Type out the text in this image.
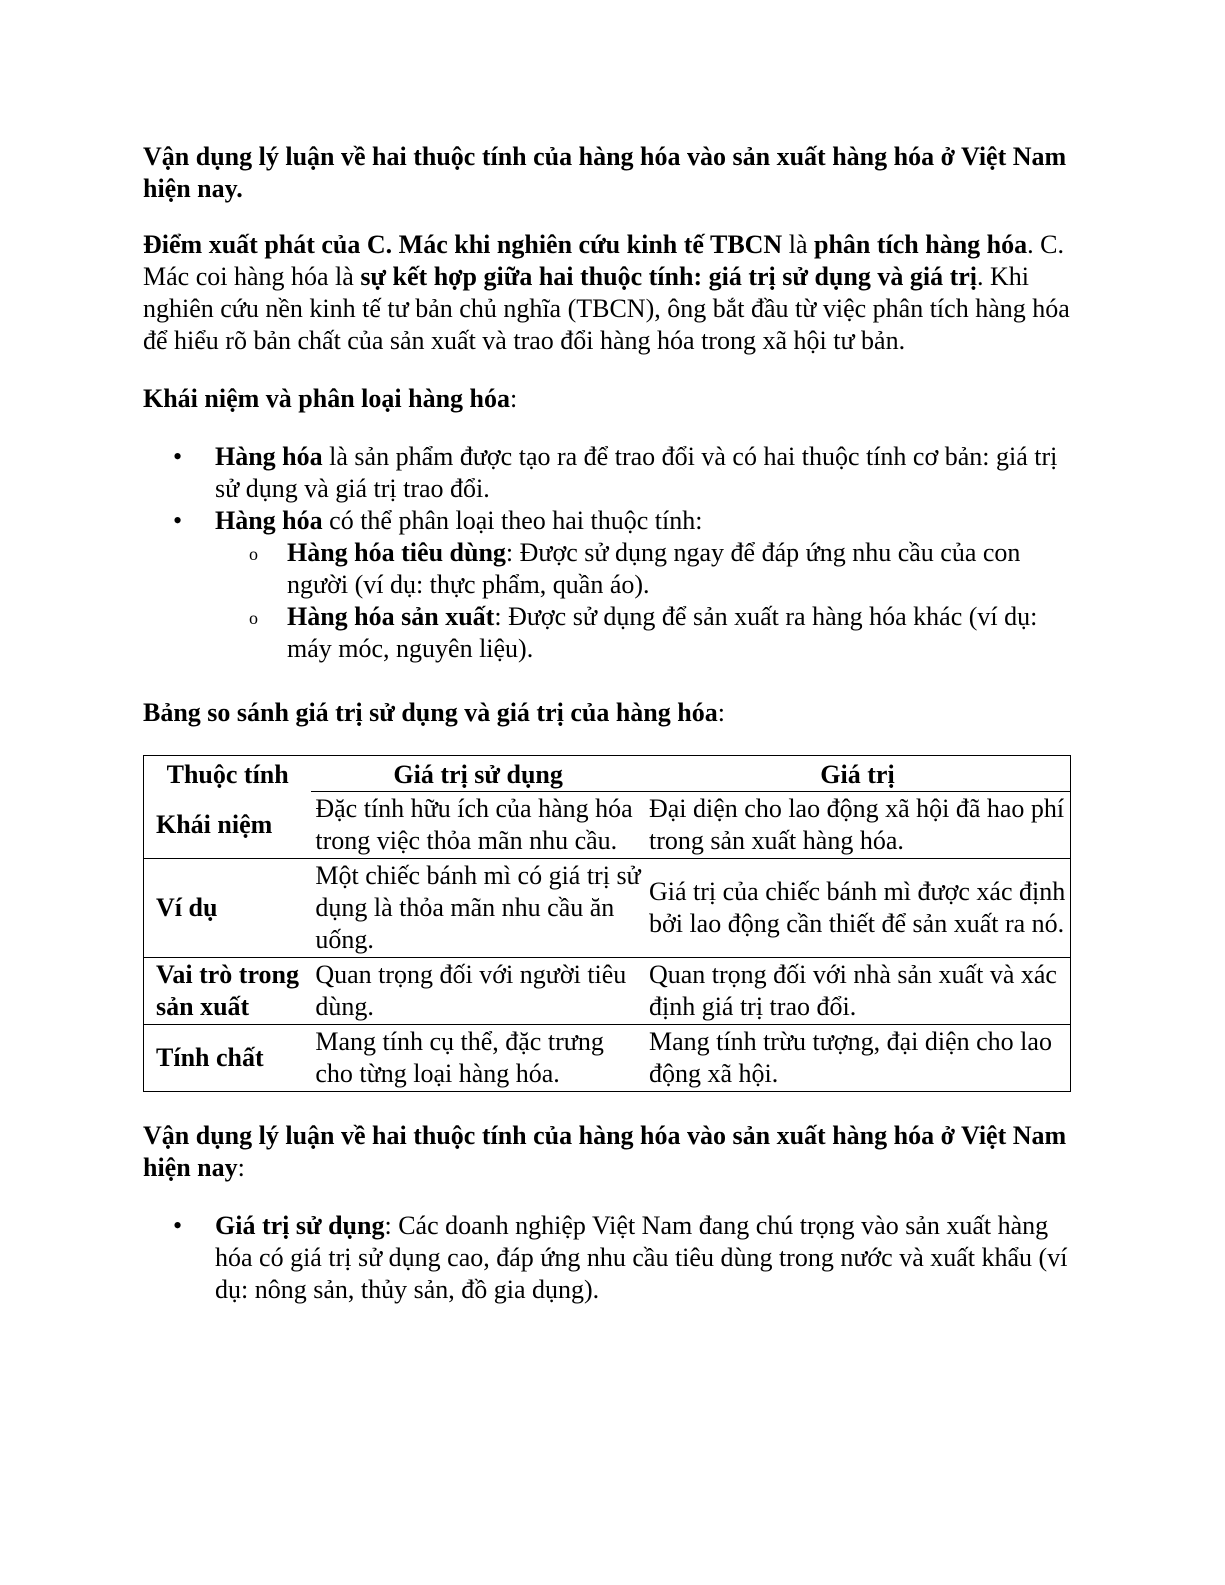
Vận dụng lý luận về hai thuộc tính của hàng hóa vào sản xuất hàng hóa ở Việt Nam hiện nay.

Điểm xuất phát của C. Mác khi nghiên cứu kinh tế TBCN là phân tích hàng hóa. C. Mác coi hàng hóa là sự kết hợp giữa hai thuộc tính: giá trị sử dụng và giá trị. Khi nghiên cứu nền kinh tế tư bản chủ nghĩa (TBCN), ông bắt đầu từ việc phân tích hàng hóa để hiểu rõ bản chất của sản xuất và trao đổi hàng hóa trong xã hội tư bản.

Khái niệm và phân loại hàng hóa:

• Hàng hóa là sản phẩm được tạo ra để trao đổi và có hai thuộc tính cơ bản: giá trị sử dụng và giá trị trao đổi.
• Hàng hóa có thể phân loại theo hai thuộc tính:
o Hàng hóa tiêu dùng: Được sử dụng ngay để đáp ứng nhu cầu của con người (ví dụ: thực phẩm, quần áo).
o Hàng hóa sản xuất: Được sử dụng để sản xuất ra hàng hóa khác (ví dụ: máy móc, nguyên liệu).

Bảng so sánh giá trị sử dụng và giá trị của hàng hóa:

Thuộc tính	Giá trị sử dụng	Giá trị
Khái niệm	Đặc tính hữu ích của hàng hóa trong việc thỏa mãn nhu cầu.	Đại diện cho lao động xã hội đã hao phí trong sản xuất hàng hóa.
Ví dụ	Một chiếc bánh mì có giá trị sử dụng là thỏa mãn nhu cầu ăn uống.	Giá trị của chiếc bánh mì được xác định bởi lao động cần thiết để sản xuất ra nó.
Vai trò trong sản xuất	Quan trọng đối với người tiêu dùng.	Quan trọng đối với nhà sản xuất và xác định giá trị trao đổi.
Tính chất	Mang tính cụ thể, đặc trưng cho từng loại hàng hóa.	Mang tính trừu tượng, đại diện cho lao động xã hội.

Vận dụng lý luận về hai thuộc tính của hàng hóa vào sản xuất hàng hóa ở Việt Nam hiện nay:

• Giá trị sử dụng: Các doanh nghiệp Việt Nam đang chú trọng vào sản xuất hàng hóa có giá trị sử dụng cao, đáp ứng nhu cầu tiêu dùng trong nước và xuất khẩu (ví dụ: nông sản, thủy sản, đồ gia dụng).
